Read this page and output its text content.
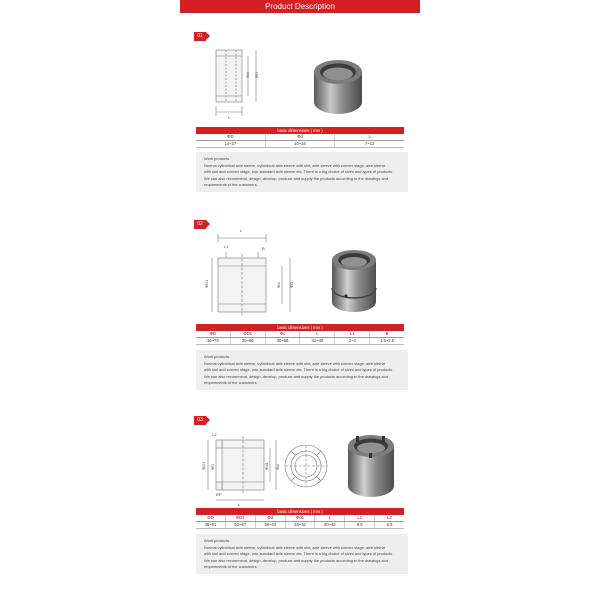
Product Description
01
Φd ΦD
L
basic dimensions ( mm )
ΦD	Φd	L
14~27	10~16	7~13

Work products:

Normal cylindrical axle sleeve, cylindrical axle sleeve with slot, axle sleeve with convex stage, axle sleeve

with slot and convex stage, non-standard axle sleeve etc. There is a big choice of sizes and types of products.

We can also recommend, design, develop, produce and supply the products according to the drawings and

requirements of the customers.

02
L
L1	B
ΦD1	Φd ΦD
basic dimensions ( mm )
ΦD	ΦD1	Φc	L	L1	B
36~70	35~66	30~56	31~49	2~4	1.5~2.5

Work products:

Normal cylindrical axle sleeve, cylindrical axle sleeve with slot, axle sleeve with convex stage, axle sleeve

with slot and convex stage, non-standard axle sleeve etc. There is a big choice of sizes and types of products.

We can also recommend, design, develop, produce and supply the products according to the drawings and

requirements of the customers.

03
L2
ΦD1 ΦD	Φd1 Φd
L1
L
basic dimensions ( mm )
ΦD	ΦD1	Φd	Φd1	L	L1	L2
45~51	52~57	38~43	28~32	30~42	9.5	6.5

Work products:

Normal cylindrical axle sleeve, cylindrical axle sleeve with slot, axle sleeve with convex stage, axle sleeve

with slot and convex stage, non-standard axle sleeve etc. There is a big choice of sizes and types of products.

We can also recommend, design, develop, produce and supply the products according to the drawings and

requirements of the customers.
